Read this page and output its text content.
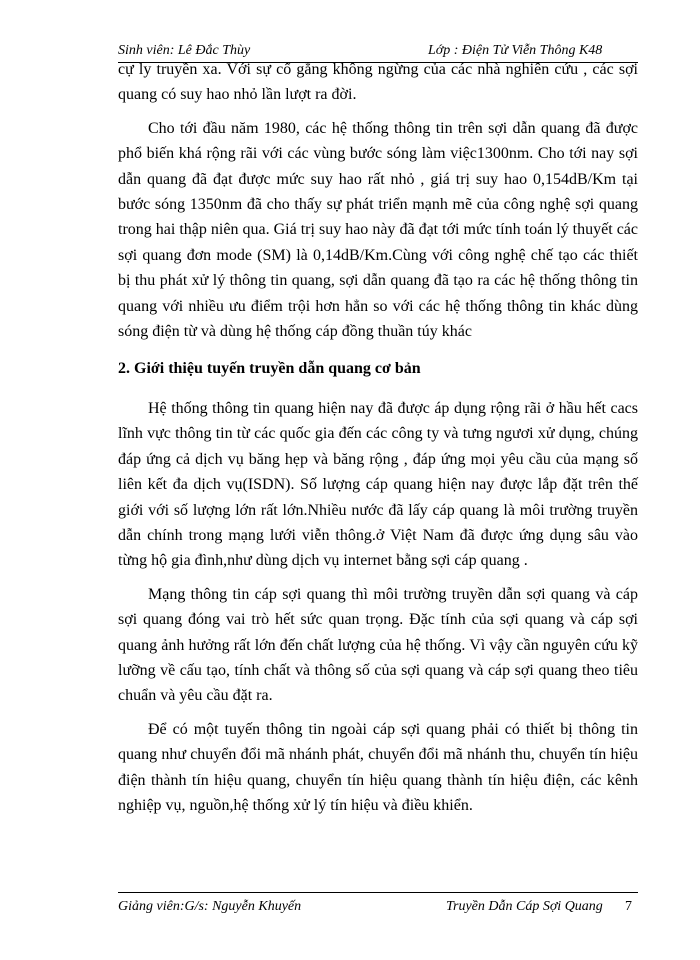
Sinh viên: Lê Đắc Thùy	Lớp : Điện Tử Viễn Thông K48

cự ly truyền xa. Với sự cố gắng không ngừng của các nhà nghiên cứu , các sợi quang có suy hao nhỏ lần lượt ra đời.

Cho tới đầu năm 1980, các hệ thống thông tin trên sợi dẫn quang đã được phổ biến khá rộng rãi với các vùng bước sóng làm việc1300nm. Cho tới nay sợi dẫn quang đã đạt được mức suy hao rất nhỏ , giá trị suy hao 0,154dB/Km tại bước sóng 1350nm đã cho thấy sự phát triển mạnh mẽ của công nghệ sợi quang trong hai thập niên qua. Giá trị suy hao này đã đạt tới mức tính toán lý thuyết các sợi quang đơn mode (SM) là 0,14dB/Km.Cùng với công nghệ chế tạo các thiết bị thu phát xử lý thông tin quang, sợi dẫn quang đã tạo ra các hệ thống thông tin quang với nhiều ưu điểm trội hơn hẳn so với các hệ thống thông tin khác dùng sóng điện từ và dùng hệ thống cáp đồng thuần túy khác

2. Giới thiệu tuyến truyền dẫn quang cơ bản

Hệ thống thông tin quang hiện nay đã được áp dụng rộng rãi ở hầu hết cacs lĩnh vực thông tin từ các quốc gia đến các công ty và tưng ngươi xử dụng, chúng đáp ứng cả dịch vụ băng hẹp và băng rộng , đáp ứng mọi yêu cầu của mạng số liên kết đa dịch vụ(ISDN). Số lượng cáp quang hiện nay được lắp đặt trên thế giới với số lượng lớn rất lớn.Nhiều nước đã lấy cáp quang là môi trường truyền dẫn chính trong mạng lưới viễn thông.ở Việt Nam đã được ứng dụng sâu vào từng hộ gia đình,như dùng dịch vụ internet bằng sợi cáp quang .

Mạng thông tin cáp sợi quang thì môi trường truyền dẫn sợi quang và cáp sợi quang đóng vai trò hết sức quan trọng. Đặc tính của sợi quang và cáp sợi quang ảnh hưởng rất lớn đến chất lượng của hệ thống. Vì vậy cần nguyên cứu kỹ lưỡng về cấu tạo, tính chất và thông số của sợi quang và cáp sợi quang theo tiêu chuẩn và yêu cầu đặt ra.

Để có một tuyến thông tin ngoài cáp sợi quang phải có thiết bị thông tin quang như chuyển đổi mã nhánh phát, chuyển đổi mã nhánh thu, chuyển tín hiệu điện thành tín hiệu quang, chuyển tín hiệu quang thành tín hiệu điện, các kênh nghiệp vụ, nguồn,hệ thống xử lý tín hiệu và điều khiển.

Giảng viên:G/s: Nguyễn Khuyến	Truyền Dẫn Cáp Sợi Quang 7
